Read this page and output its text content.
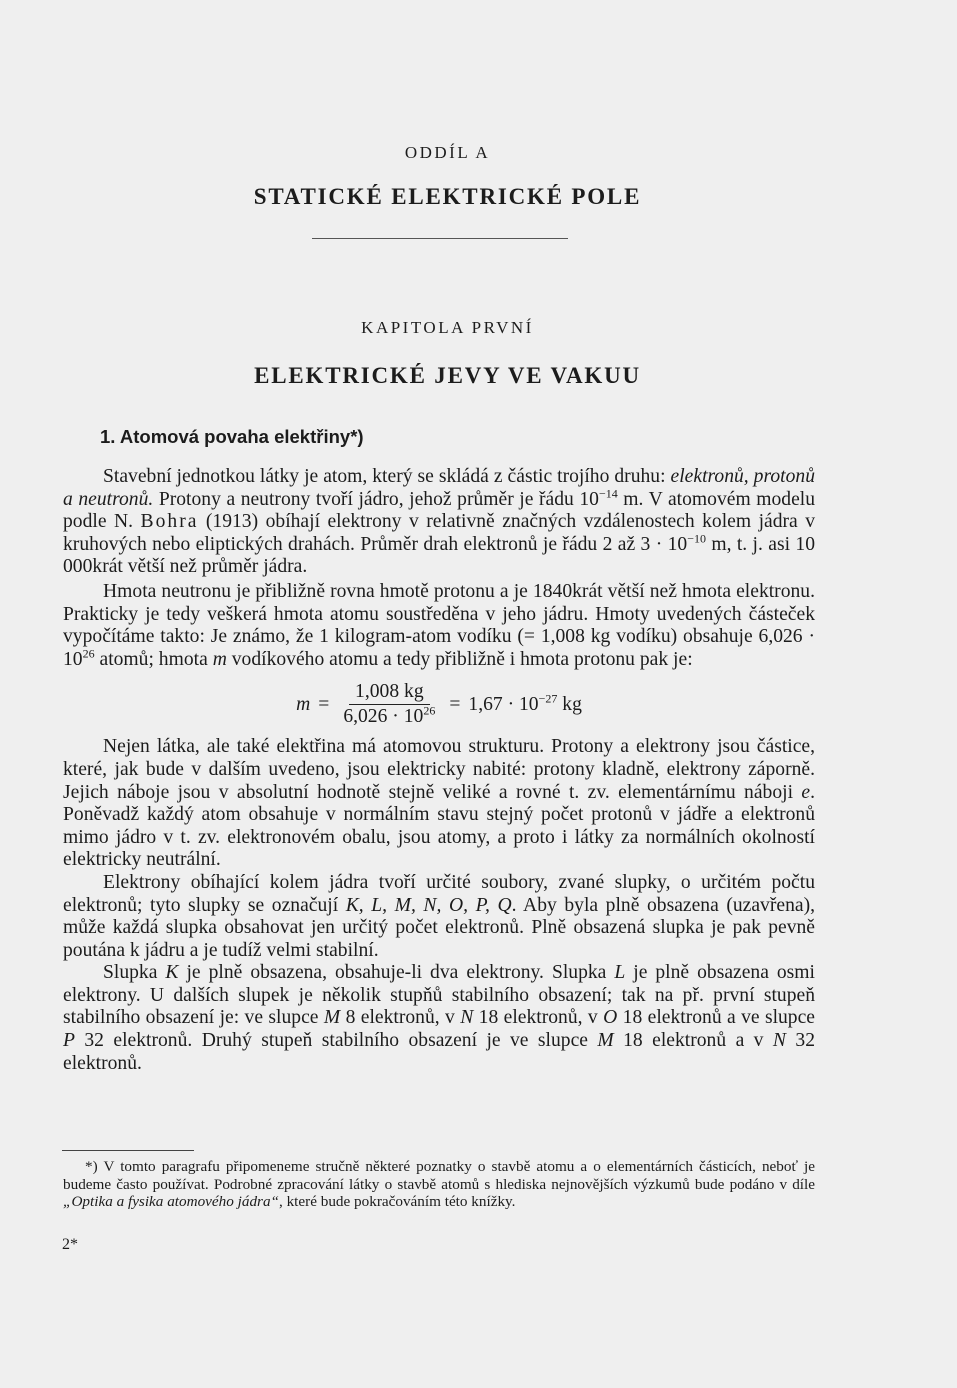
ODDÍL A
STATICKÉ ELEKTRICKÉ POLE
KAPITOLA PRVNÍ
ELEKTRICKÉ JEVY VE VAKUU
1. Atomová povaha elektřiny*)

Stavební jednotkou látky je atom, který se skládá z částic trojího druhu: elektronů, protonů a neutronů. Protony a neutrony tvoří jádro, jehož průměr je řádu $10^{-14}$ m. V atomovém modelu podle N. Bohra (1913) obíhají elektrony v relativně značných vzdálenostech kolem jádra v kruhových nebo eliptických drahách. Průměr drah elektronů je řádu 2 až $3 \cdot 10^{-10}$ m, t. j. asi 10 000krát větší než průměr jádra.

Hmota neutronu je přibližně rovna hmotě protonu a je 1840krát větší než hmota elektronu. Prakticky je tedy veškerá hmota atomu soustředěna v jeho jádru. Hmoty uvedených částeček vypočítáme takto: Je známo, že 1 kilogram-atom vodíku (= 1,008 kg vodíku) obsahuje $6,026 \cdot 10^{26}$ atomů; hmota m vodíkového atomu a tedy přibližně i hmota protonu pak je:

$m = \frac{1,008 kg}{6,026 \cdot 10^{26}} = 1,67 \cdot 10^{-27}$ kg

Nejen látka, ale také elektřina má atomovou strukturu. Protony a elektrony jsou částice, které, jak bude v dalším uvedeno, jsou elektricky nabité: protony kladně, elektrony záporně. Jejich náboje jsou v absolutní hodnotě stejně veliké a rovné t. zv. elementárnímu náboji e. Poněvadž každý atom obsahuje v normálním stavu stejný počet protonů v jádře a elektronů mimo jádro v t. zv. elektronovém obalu, jsou atomy, a proto i látky za normálních okolností elektricky neutrální.

Elektrony obíhající kolem jádra tvoří určité soubory, zvané slupky, o určitém počtu elektronů; tyto slupky se označují K, L, M, N, O, P, Q. Aby byla plně obsazena (uzavřena), může každá slupka obsahovat jen určitý počet elektronů. Plně obsazená slupka je pak pevně poutána k jádru a je tudíž velmi stabilní.

Slupka K je plně obsazena, obsahuje-li dva elektrony. Slupka L je plně obsazena osmi elektrony. U dalších slupek je několik stupňů stabilního obsazení; tak na př. první stupeň stabilního obsazení je: ve slupce M 8 elektronů, v N 18 elektronů, v O 18 elektronů a ve slupce P 32 elektronů. Druhý stupeň stabilního obsazení je ve slupce M 18 elektronů a v N 32 elektronů.

*) V tomto paragrafu připomeneme stručně některé poznatky o stavbě atomu a o elementárních částicích, neboť je budeme často používat. Podrobné zpracování látky o stavbě atomů s hlediska nejnovějších výzkumů bude podáno v díle „Optika a fysika atomového jádra“, které bude pokračováním této knížky.

2*
